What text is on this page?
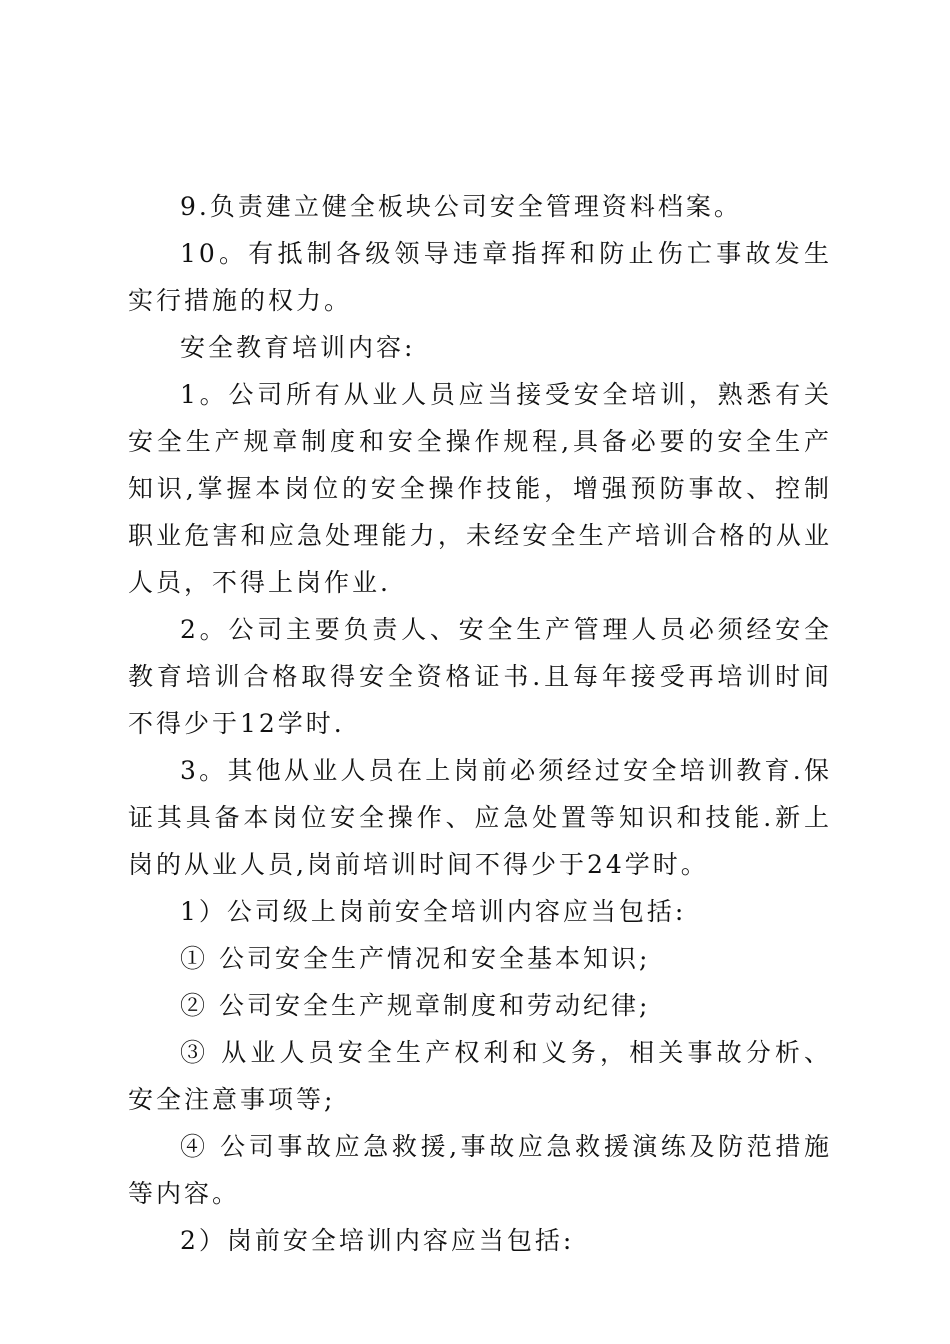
9.负责建立健全板块公司安全管理资料档案。

10。有抵制各级领导违章指挥和防止伤亡事故发生实行措施的权力。

安全教育培训内容:

1。公司所有从业人员应当接受安全培训，熟悉有关安全生产规章制度和安全操作规程,具备必要的安全生产知识,掌握本岗位的安全操作技能，增强预防事故、控制职业危害和应急处理能力，未经安全生产培训合格的从业人员，不得上岗作业.

2。公司主要负责人、安全生产管理人员必须经安全教育培训合格取得安全资格证书.且每年接受再培训时间不得少于12学时.

3。其他从业人员在上岗前必须经过安全培训教育.保证其具备本岗位安全操作、应急处置等知识和技能.新上岗的从业人员,岗前培训时间不得少于24学时。

1）公司级上岗前安全培训内容应当包括:

① 公司安全生产情况和安全基本知识;

② 公司安全生产规章制度和劳动纪律;

③ 从业人员安全生产权利和义务，相关事故分析、安全注意事项等;

④ 公司事故应急救援,事故应急救援演练及防范措施等内容。

2）岗前安全培训内容应当包括:
